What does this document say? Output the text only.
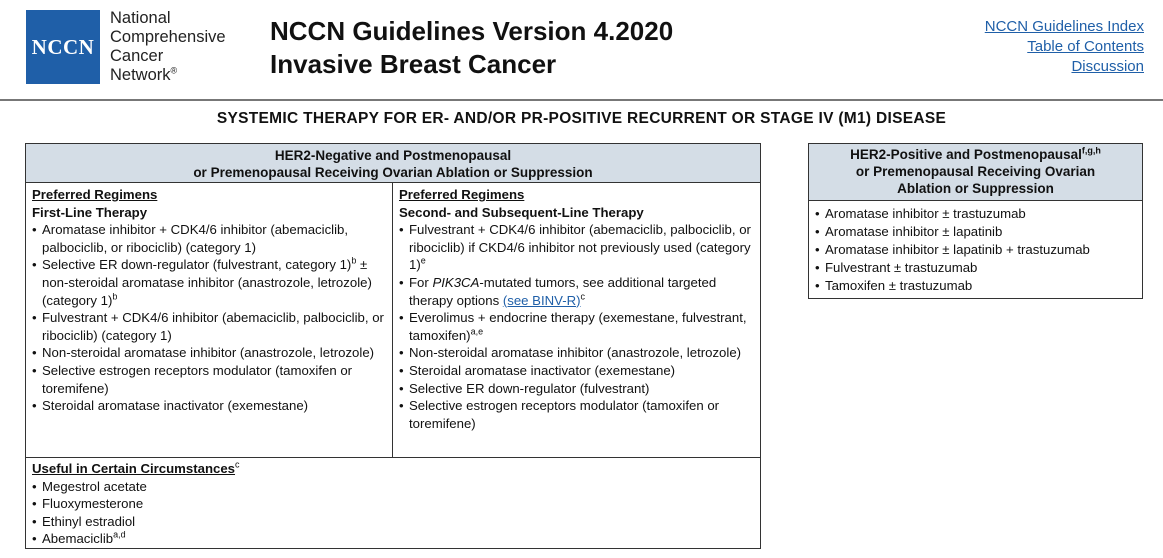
NCCN
National
Comprehensive
Cancer
Network®
NCCN Guidelines Version 4.2020
Invasive Breast Cancer
NCCN Guidelines Index
Table of Contents
Discussion
SYSTEMIC THERAPY FOR ER- AND/OR PR-POSITIVE RECURRENT OR STAGE IV (M1) DISEASE
HER2-Negative and Postmenopausal
or Premenopausal Receiving Ovarian Ablation or Suppression
Preferred Regimens
First-Line Therapy
• Aromatase inhibitor + CDK4/6 inhibitor (abemaciclib, palbociclib, or ribociclib) (category 1)
• Selective ER down-regulator (fulvestrant, category 1)$^b$ ± non-steroidal aromatase inhibitor (anastrozole, letrozole) (category 1)$^b$
• Fulvestrant + CDK4/6 inhibitor (abemaciclib, palbociclib, or ribociclib) (category 1)
• Non-steroidal aromatase inhibitor (anastrozole, letrozole)
• Selective estrogen receptors modulator (tamoxifen or toremifene)
• Steroidal aromatase inactivator (exemestane)
Preferred Regimens
Second- and Subsequent-Line Therapy
• Fulvestrant + CDK4/6 inhibitor (abemaciclib, palbociclib, or ribociclib) if CKD4/6 inhibitor not previously used (category 1)$^e$
• For PIK3CA-mutated tumors, see additional targeted therapy options (see BINV-R)$^c$
• Everolimus + endocrine therapy (exemestane, fulvestrant, tamoxifen)$^{a,e}$
• Non-steroidal aromatase inhibitor (anastrozole, letrozole)
• Steroidal aromatase inactivator (exemestane)
• Selective ER down-regulator (fulvestrant)
• Selective estrogen receptors modulator (tamoxifen or toremifene)
Useful in Certain Circumstances$^c$
• Megestrol acetate
• Fluoxymesterone
• Ethinyl estradiol
• Abemaciclib$^{a,d}$
HER2-Positive and Postmenopausal$^{f,g,h}$
or Premenopausal Receiving Ovarian
Ablation or Suppression
• Aromatase inhibitor ± trastuzumab
• Aromatase inhibitor ± lapatinib
• Aromatase inhibitor ± lapatinib + trastuzumab
• Fulvestrant ± trastuzumab
• Tamoxifen ± trastuzumab
